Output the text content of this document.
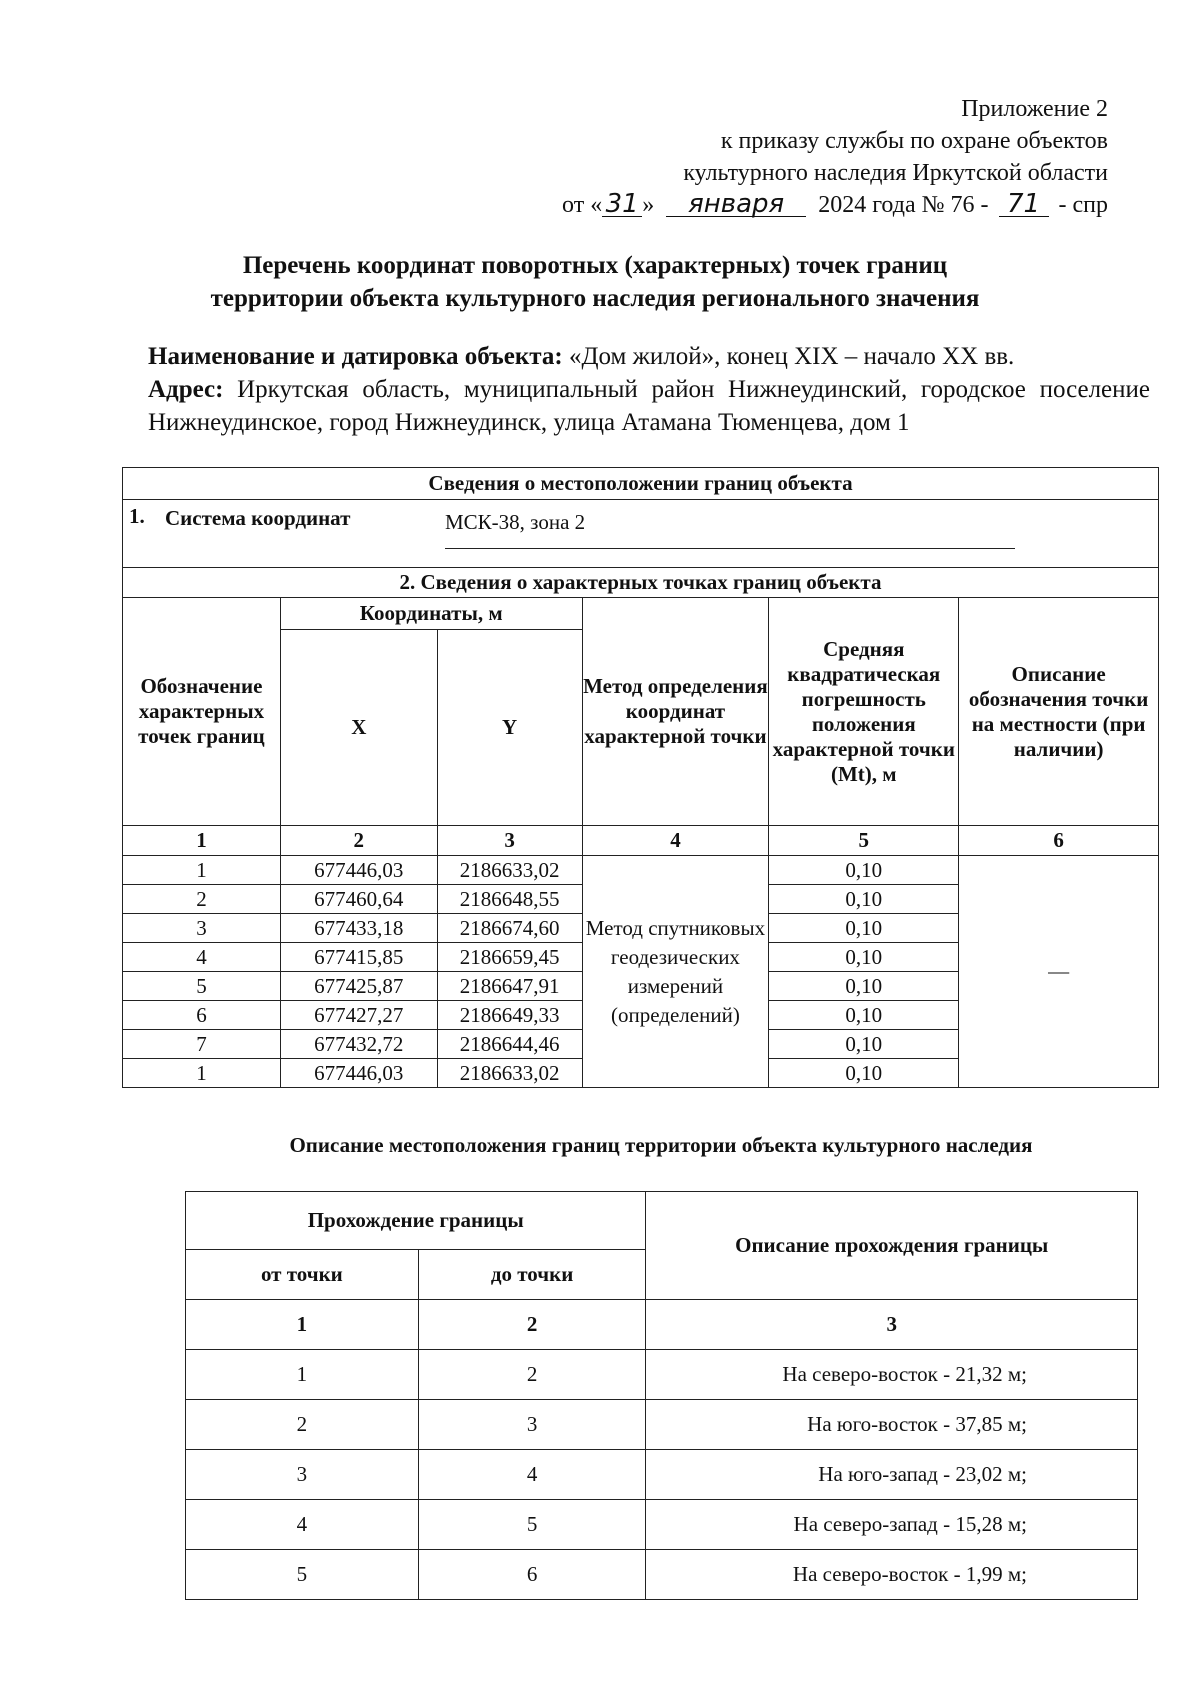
Приложение 2
к приказу службы по охране объектов
культурного наследия Иркутской области
от « 31 » января 2024 года № 76 - 71 - спр
Перечень координат поворотных (характерных) точек границ
территории объекта культурного наследия регионального значения
Наименование и датировка объекта: «Дом жилой», конец XIX – начало XX вв.
Адрес: Иркутская область, муниципальный район Нижнеудинский, городское поселение Нижнеудинское, город Нижнеудинск, улица Атамана Тюменцева, дом 1
Сведения о местоположении границ объекта					

1. Система координат МСК-38, зона 2					

2. Сведения о характерных точках границ объекта					
Обозначение характерных точек границ	Координаты, м		Метод определения координат характерной точки	Средняя квадратическая погрешность положения характерной точки (Mt), м	Описание обозначения точки на местности (при наличии)
	X	Y			
1	2	3	4	5	6
1	677446,03	2186633,02	Метод спутниковых геодезических измерений (определений)	0,10	—
2	677460,64	2186648,55		0,10	
3	677433,18	2186674,60		0,10	
4	677415,85	2186659,45		0,10	
5	677425,87	2186647,91		0,10	
6	677427,27	2186649,33		0,10	
7	677432,72	2186644,46		0,10	
1	677446,03	2186633,02		0,10	
Описание местоположения границ территории объекта культурного наследия
Прохождение границы		Описание прохождения границы
от точки	до точки	
1	2	3
1	2	На северо-восток - 21,32 м;
2	3	На юго-восток - 37,85 м;
3	4	На юго-запад - 23,02 м;
4	5	На северо-запад - 15,28 м;
5	6	На северо-восток - 1,99 м;
